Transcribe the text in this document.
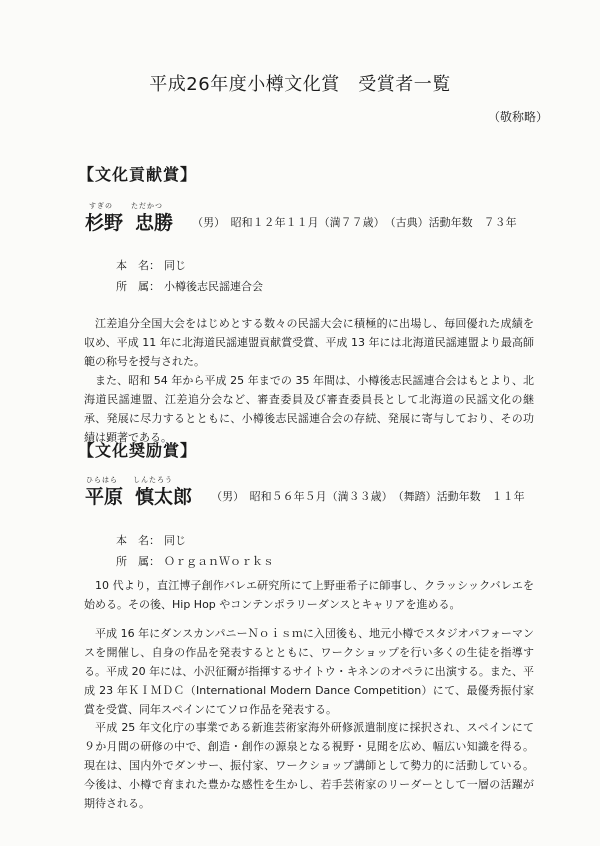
平成26年度小樽文化賞　受賞者一覧
（敬称略）
【文化貢献賞】
すぎの	ただかつ
杉野 忠勝 （男）　昭和１２年１１月（満７７歳）　（古典）活動年数　７３年
本　名： 同じ
所　属： 小樽後志民謡連合会

江差追分全国大会をはじめとする数々の民謡大会に積極的に出場し、毎回優れた成績を収め、平成 11 年に北海道民謡連盟貢献賞受賞、平成 13 年には北海道民謡連盟より最高師範の称号を授与された。

また、昭和 54 年から平成 25 年までの 35 年間は、小樽後志民謡連合会はもとより、北海道民謡連盟、江差追分会など、審査委員及び審査委員長として北海道の民謡文化の継承、発展に尽力するとともに、小樽後志民謡連合会の存続、発展に寄与しており、その功績は顕著である。

【文化奨励賞】
ひらはら しんたろう
平原 慎太郎 （男）　昭和５６年５月（満３３歳）　（舞踏）活動年数　１１年
本　名： 同じ
所　属： ＯｒｇａｎＷｏｒｋｓ

10 代より，直江博子創作バレエ研究所にて上野亜希子に師事し、クラッシックバレエを始める。その後、Hip Hop やコンテンポラリーダンスとキャリアを進める。

平成 16 年にダンスカンパニーＮｏｉｓｍに入団後も、地元小樽でスタジオパフォーマンスを開催し、自身の作品を発表するとともに、ワークショップを行い多くの生徒を指導する。平成 20 年には、小沢征爾が指揮するサイトウ・キネンのオペラに出演する。また、平成 23 年ＫＩＭＤＣ（International Modern Dance Competition）にて、最優秀振付家賞を受賞、同年スペインにてソロ作品を発表する。

平成 25 年文化庁の事業である新進芸術家海外研修派遣制度に採択され、スペインにて９か月間の研修の中で、創造・創作の源泉となる視野・見聞を広め、幅広い知識を得る。現在は、国内外でダンサー、振付家、ワークショップ講師として勢力的に活動している。今後は、小樽で育まれた豊かな感性を生かし、若手芸術家のリーダーとして一層の活躍が期待される。
